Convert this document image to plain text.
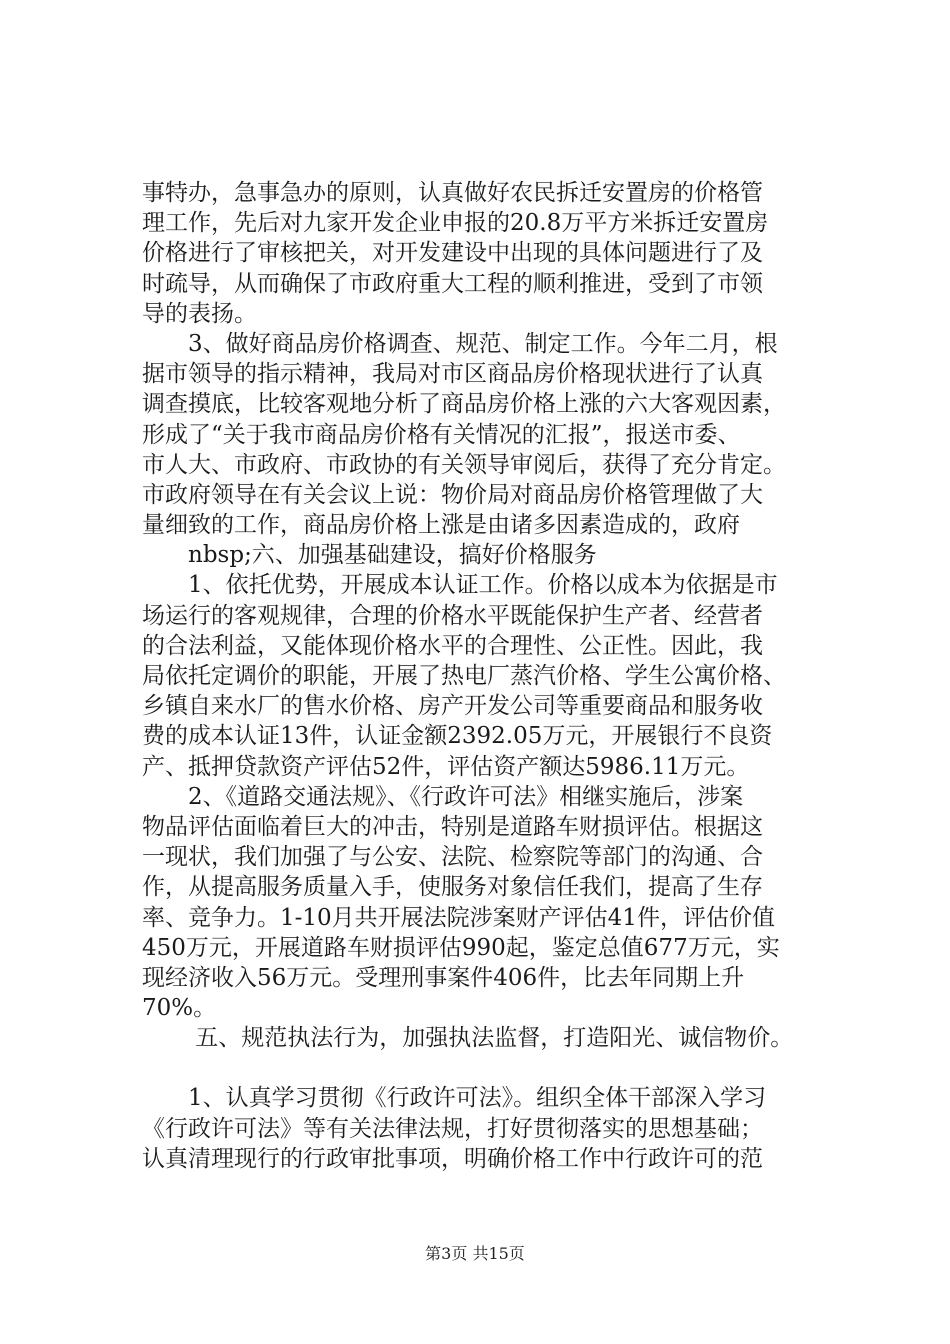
事特办，急事急办的原则，认真做好农民拆迁安置房的价格管
理工作，先后对九家开发企业申报的20.8万平方米拆迁安置房
价格进行了审核把关，对开发建设中出现的具体问题进行了及
时疏导，从而确保了市政府重大工程的顺利推进，受到了市领
导的表扬。
　　3、做好商品房价格调查、规范、制定工作。今年二月，根
据市领导的指示精神，我局对市区商品房价格现状进行了认真
调查摸底，比较客观地分析了商品房价格上涨的六大客观因素，
形成了“关于我市商品房价格有关情况的汇报”，报送市委、
市人大、市政府、市政协的有关领导审阅后，获得了充分肯定。
市政府领导在有关会议上说：物价局对商品房价格管理做了大
量细致的工作，商品房价格上涨是由诸多因素造成的，政府
　　nbsp;六、加强基础建设，搞好价格服务
　　1、依托优势，开展成本认证工作。价格以成本为依据是市
场运行的客观规律，合理的价格水平既能保护生产者、经营者
的合法利益，又能体现价格水平的合理性、公正性。因此，我
局依托定调价的职能，开展了热电厂蒸汽价格、学生公寓价格、
乡镇自来水厂的售水价格、房产开发公司等重要商品和服务收
费的成本认证13件，认证金额2392.05万元，开展银行不良资
产、抵押贷款资产评估52件，评估资产额达5986.11万元。
　　2、《道路交通法规》、《行政许可法》相继实施后，涉案
物品评估面临着巨大的冲击，特别是道路车财损评估。根据这
一现状，我们加强了与公安、法院、检察院等部门的沟通、合
作，从提高服务质量入手，使服务对象信任我们，提高了生存
率、竞争力。1-10月共开展法院涉案财产评估41件，评估价值
450万元，开展道路车财损评估990起，鉴定总值677万元，实
现经济收入56万元。受理刑事案件406件，比去年同期上升
70%。
　　 五、规范执法行为，加强执法监督，打造阳光、诚信物价。
　　1、认真学习贯彻《行政许可法》。组织全体干部深入学习
《行政许可法》等有关法律法规，打好贯彻落实的思想基础；
认真清理现行的行政审批事项，明确价格工作中行政许可的范
第3页 共15页
